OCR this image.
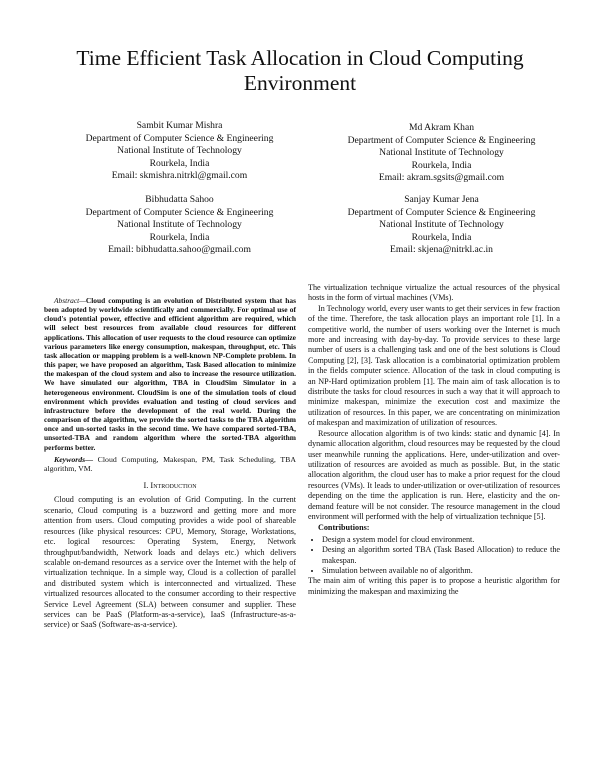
Time Efficient Task Allocation in Cloud Computing
Environment
Sambit Kumar Mishra
Department of Computer Science & Engineering
National Institute of Technology
Rourkela, India
Email: skmishra.nitrkl@gmail.com
Md Akram Khan
Department of Computer Science & Engineering
National Institute of Technology
Rourkela, India
Email: akram.sgsits@gmail.com
Bibhudatta Sahoo
Department of Computer Science & Engineering
National Institute of Technology
Rourkela, India
Email: bibhudatta.sahoo@gmail.com
Sanjay Kumar Jena
Department of Computer Science & Engineering
National Institute of Technology
Rourkela, India
Email: skjena@nitrkl.ac.in

Abstract—Cloud computing is an evolution of Distributed system that has been adopted by worldwide scientifically and commercially. For optimal use of cloud's potential power, effective and efficient algorithm are required, which will select best resources from available cloud resources for different applications. This allocation of user requests to the cloud resource can optimize various parameters like energy consumption, makespan, throughput, etc. This task allocation or mapping problem is a well-known NP-Complete problem. In this paper, we have proposed an algorithm, Task Based allocation to minimize the makespan of the cloud system and also to increase the resource utilization. We have simulated our algorithm, TBA in CloudSim Simulator in a heterogeneous environment. CloudSim is one of the simulation tools of cloud environment which provides evaluation and testing of cloud services and infrastructure before the development of the real world. During the comparison of the algorithm, we provide the sorted tasks to the TBA algorithm once and un-sorted tasks in the second time. We have compared sorted-TBA, unsorted-TBA and random algorithm where the sorted-TBA algorithm performs better.

Keywords— Cloud Computing, Makespan, PM, Task Scheduling, TBA algorithm, VM.

I. Introduction

Cloud computing is an evolution of Grid Computing. In the current scenario, Cloud computing is a buzzword and getting more and more attention from users. Cloud computing provides a wide pool of shareable resources (like physical resources: CPU, Memory, Storage, Workstations, etc. logical resources: Operating System, Energy, Network throughput/bandwidth, Network loads and delays etc.) which delivers scalable on-demand resources as a service over the Internet with the help of virtualization technique. In a simple way, Cloud is a collection of parallel and distributed system which is interconnected and virtualized. These virtualized resources allocated to the consumer according to their respective Service Level Agreement (SLA) between consumer and supplier. These services can be PaaS (Platform-as-a-service), IaaS (Infrastructure-as-a-service) or SaaS (Software-as-a-service).

The virtualization technique virtualize the actual resources of the physical hosts in the form of virtual machines (VMs).

In Technology world, every user wants to get their services in few fraction of the time. Therefore, the task allocation plays an important role [1]. In a competitive world, the number of users working over the Internet is much more and increasing with day-by-day. To provide services to these large number of users is a challenging task and one of the best solutions is Cloud Computing [2], [3]. Task allocation is a combinatorial optimization problem in the fields computer science. Allocation of the task in cloud computing is an NP-Hard optimization problem [1]. The main aim of task allocation is to distribute the tasks for cloud resources in such a way that it will approach to minimize makespan, minimize the execution cost and maximize the utilization of resources. In this paper, we are concentrating on minimization of makespan and maximization of utilization of resources.

Resource allocation algorithm is of two kinds: static and dynamic [4]. In dynamic allocation algorithm, cloud resources may be requested by the cloud user meanwhile running the applications. Here, under-utilization and over-utilization of resources are avoided as much as possible. But, in the static allocation algorithm, the cloud user has to make a prior request for the cloud resources (VMs). It leads to under-utilization or over-utilization of resources depending on the time the application is run. Here, elasticity and the on-demand feature will be not consider. The resource management in the cloud environment will performed with the help of virtualization technique [5].

Contributions:

• Design a system model for cloud environment.
• Desing an algorithm sorted TBA (Task Based Allocation) to reduce the makespan.
• Simulation between available no of algorithm.

The main aim of writing this paper is to propose a heuristic algorithm for minimizing the makespan and maximizing the
